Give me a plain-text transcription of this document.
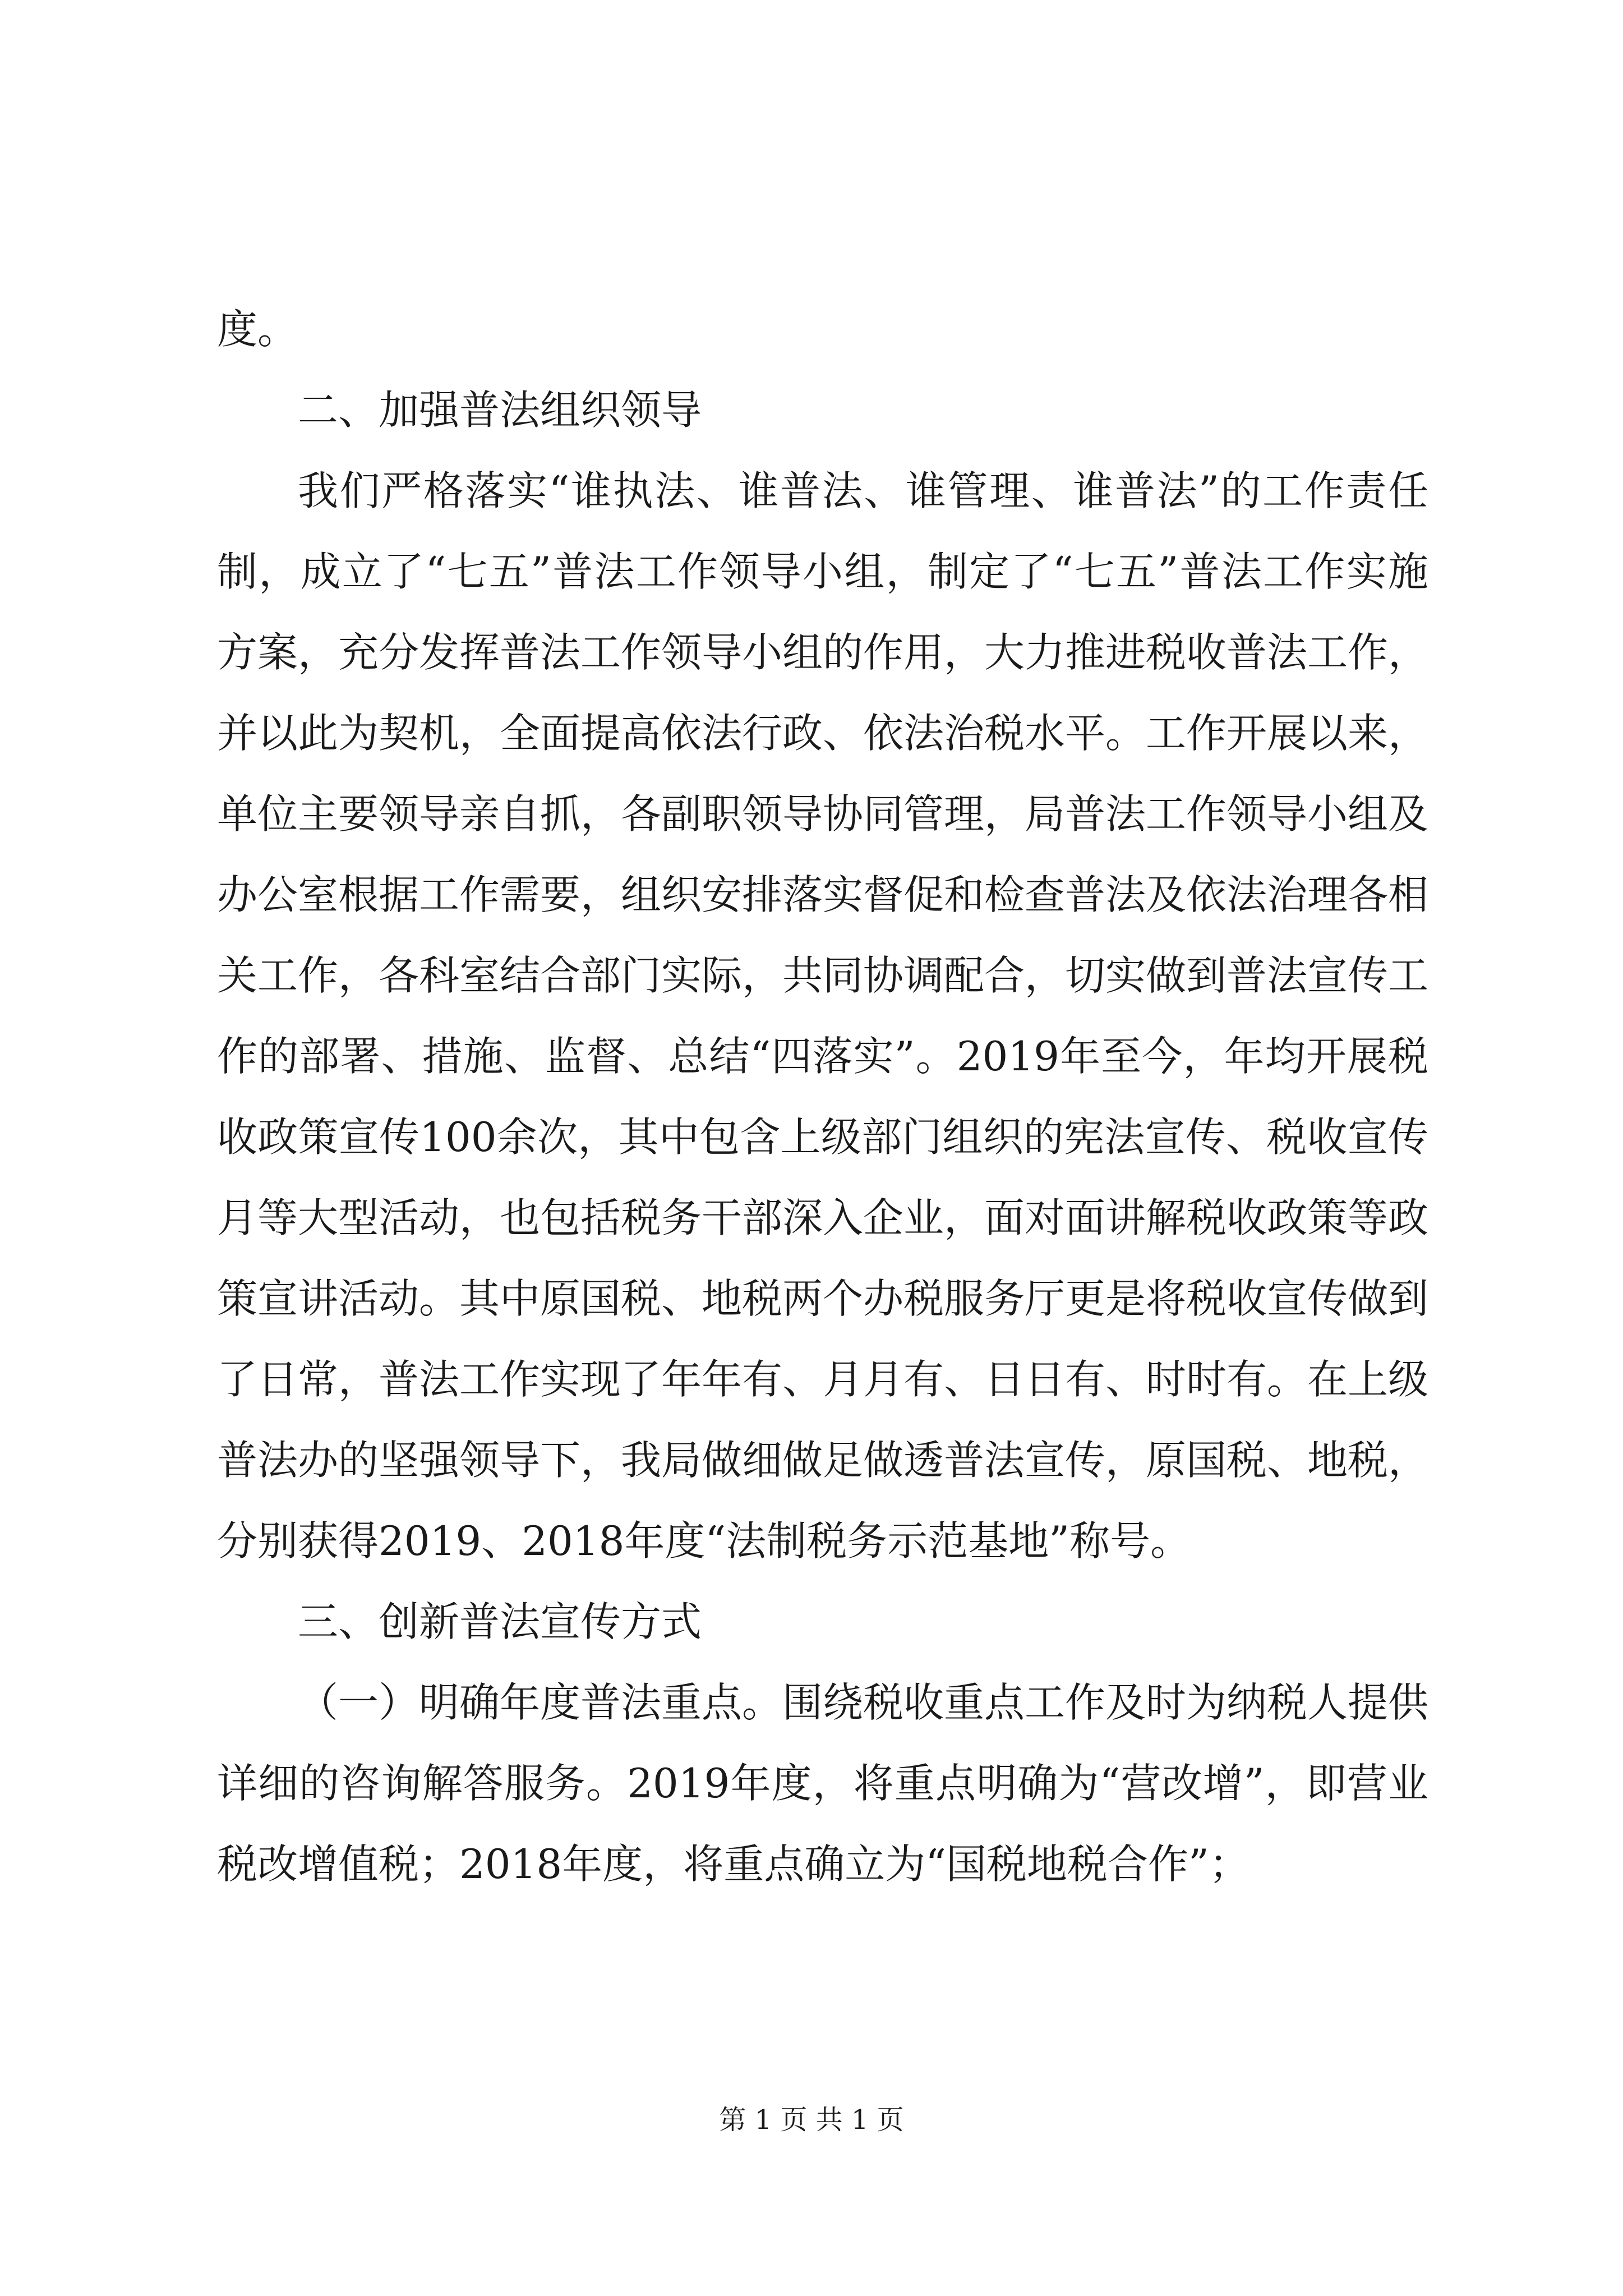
度。

二、加强普法组织领导

我们严格落实“谁执法、谁普法、谁管理、谁普法”的工作责任制，成立了“七五”普法工作领导小组，制定了“七五”普法工作实施方案，充分发挥普法工作领导小组的作用，大力推进税收普法工作，并以此为契机，全面提高依法行政、依法治税水平。工作开展以来，单位主要领导亲自抓，各副职领导协同管理，局普法工作领导小组及办公室根据工作需要，组织安排落实督促和检查普法及依法治理各相关工作，各科室结合部门实际，共同协调配合，切实做到普法宣传工作的部署、措施、监督、总结“四落实”。2019年至今，年均开展税收政策宣传100余次，其中包含上级部门组织的宪法宣传、税收宣传月等大型活动，也包括税务干部深入企业，面对面讲解税收政策等政策宣讲活动。其中原国税、地税两个办税服务厅更是将税收宣传做到了日常，普法工作实现了年年有、月月有、日日有、时时有。在上级普法办的坚强领导下，我局做细做足做透普法宣传，原国税、地税，分别获得2019、2018年度“法制税务示范基地”称号。

三、创新普法宣传方式

（一）明确年度普法重点。围绕税收重点工作及时为纳税人提供详细的咨询解答服务。2019年度，将重点明确为“营改增”，即营业税改增值税；2018年度，将重点确立为“国税地税合作”；

第 1 页 共 1 页
